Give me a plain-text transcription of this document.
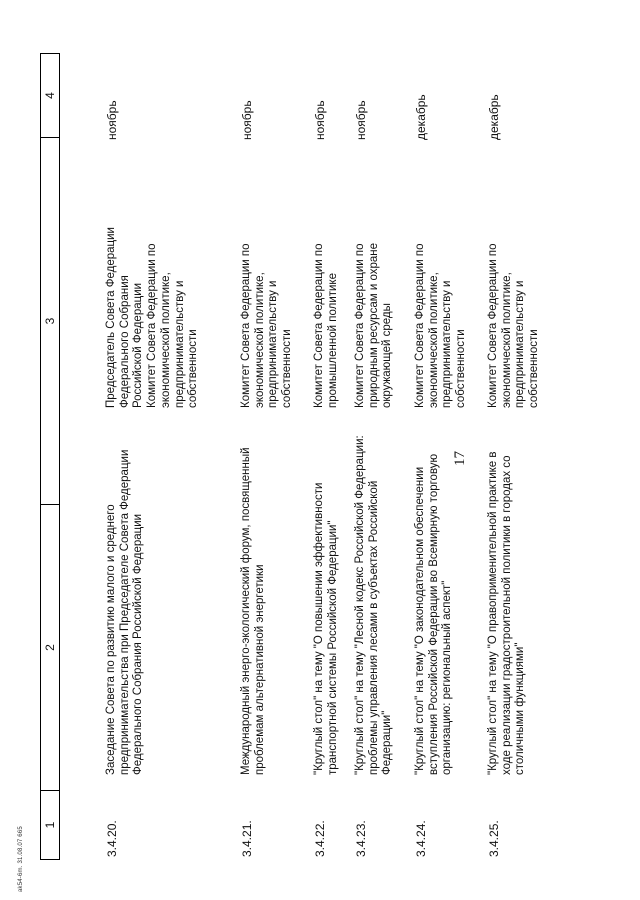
17
1
2
3
4
3.4.20.
Заседание Совета по развитию малого и среднего предпринимательства при Председателе Совета Федерации Федерального Собрания Российской Федерации
Председатель Совета Федерации Федерального Собрания Российской Федерации
Комитет Совета Федерации по экономической политике, предпринимательству и собственности
ноябрь
3.4.21.
Международный энерго-экологический форум, посвященный проблемам альтернативной энергетики
Комитет Совета Федерации по экономической политике, предпринимательству и собственности
ноябрь
3.4.22.
"Круглый стол" на тему "О повышении эффективности транспортной системы Российской Федерации"
Комитет Совета Федерации по промышленной политике
ноябрь
3.4.23.
"Круглый стол" на тему "Лесной кодекс Российской Федерации: проблемы управления лесами в субъектах Российской Федерации"
Комитет Совета Федерации по природным ресурсам и охране окружающей среды
ноябрь
3.4.24.
"Круглый стол" на тему "О законодательном обеспечении вступления Российской Федерации во Всемирную торговую организацию: региональный аспект"
Комитет Совета Федерации по экономической политике, предпринимательству и собственности
декабрь
3.4.25.
"Круглый стол" на тему "О правоприменительной практике в ходе реализации градостроительной политики в городах со столичными функциями"
Комитет Совета Федерации по экономической политике, предпринимательству и собственности
декабрь
ak54-6m. 31.08.07 665
